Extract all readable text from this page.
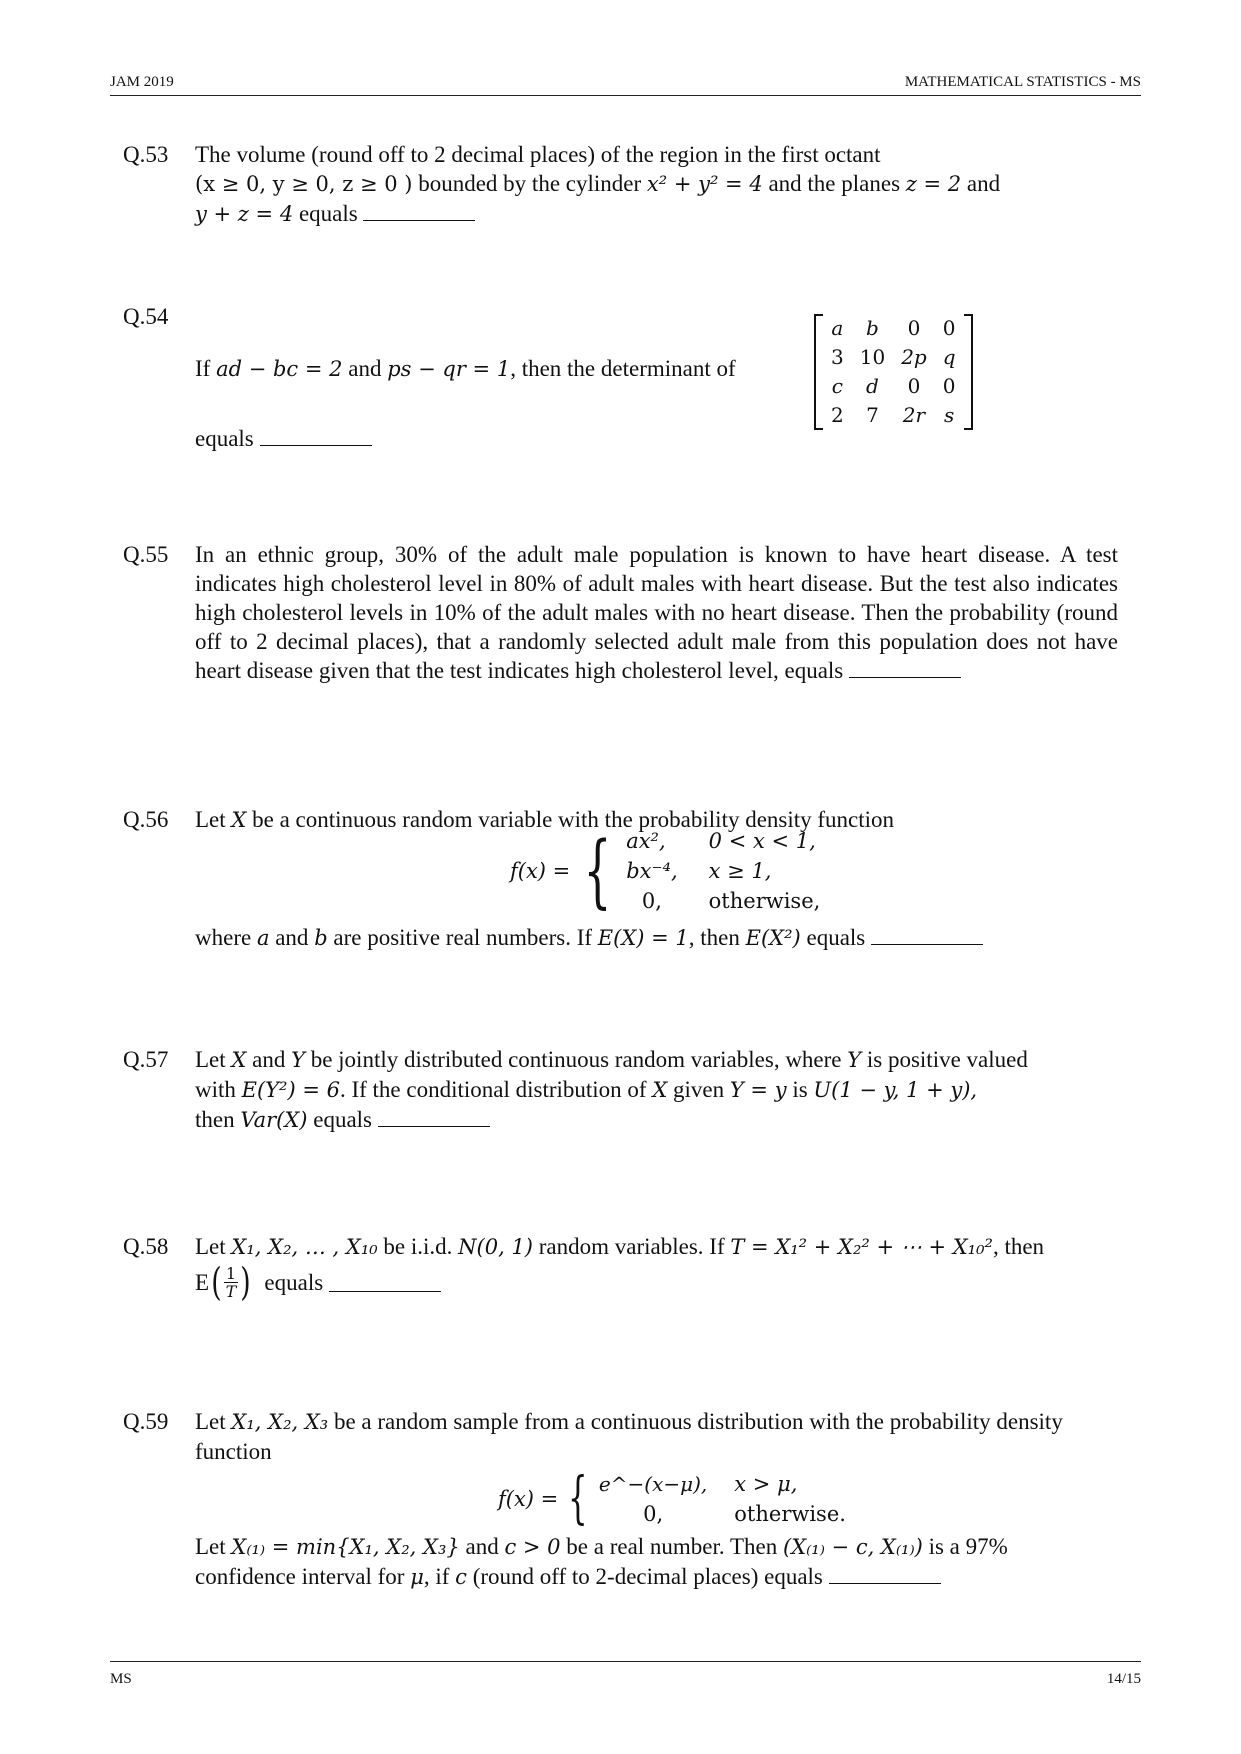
JAM 2019	MATHEMATICAL STATISTICS - MS
Q.53	The volume (round off to 2 decimal places) of the region in the first octant
(x ≥ 0, y ≥ 0, z ≥ 0 ) bounded by the cylinder x² + y² = 4 and the planes z = 2 and
y + z = 4 equals
Q.54
If ad − bc = 2 and ps − qr = 1, then the determinant of
a	b	0	0
3	10	2p	q
c	d	0	0
2	7	2r	s
equals
Q.55	In an ethnic group, 30% of the adult male population is known to have heart disease. A test indicates high cholesterol level in 80% of adult males with heart disease. But the test also indicates high cholesterol levels in 10% of the adult males with no heart disease. Then the probability (round off to 2 decimal places), that a randomly selected adult male from this population does not have heart disease given that the test indicates high cholesterol level, equals
Q.56	Let X be a continuous random variable with the probability density function
f(x) = { ax²,	0 < x < 1,
bx⁻⁴,	x ≥ 1,
0,	otherwise,
where a and b are positive real numbers. If E(X) = 1, then E(X²) equals
Q.57	Let X and Y be jointly distributed continuous random variables, where Y is positive valued
with E(Y²) = 6. If the conditional distribution of X given Y = y is U(1 − y, 1 + y),
then Var(X) equals
Q.58	Let X₁, X₂, … , X₁₀ be i.i.d. N(0, 1) random variables. If T = X₁² + X₂² + ⋯ + X₁₀², then
E ( $\frac{1}{T}$ )
equals

Q.59	Let X₁, X₂, X₃ be a random sample from a continuous distribution with the probability density function
f(x) = { e^−(x−μ),	x > μ,
0,	otherwise.
Let X₍₁₎ = min{X₁, X₂, X₃} and c > 0 be a real number. Then (X₍₁₎ − c, X₍₁₎) is a 97%
confidence interval for μ, if c (round off to 2-decimal places) equals
MS	14/15
